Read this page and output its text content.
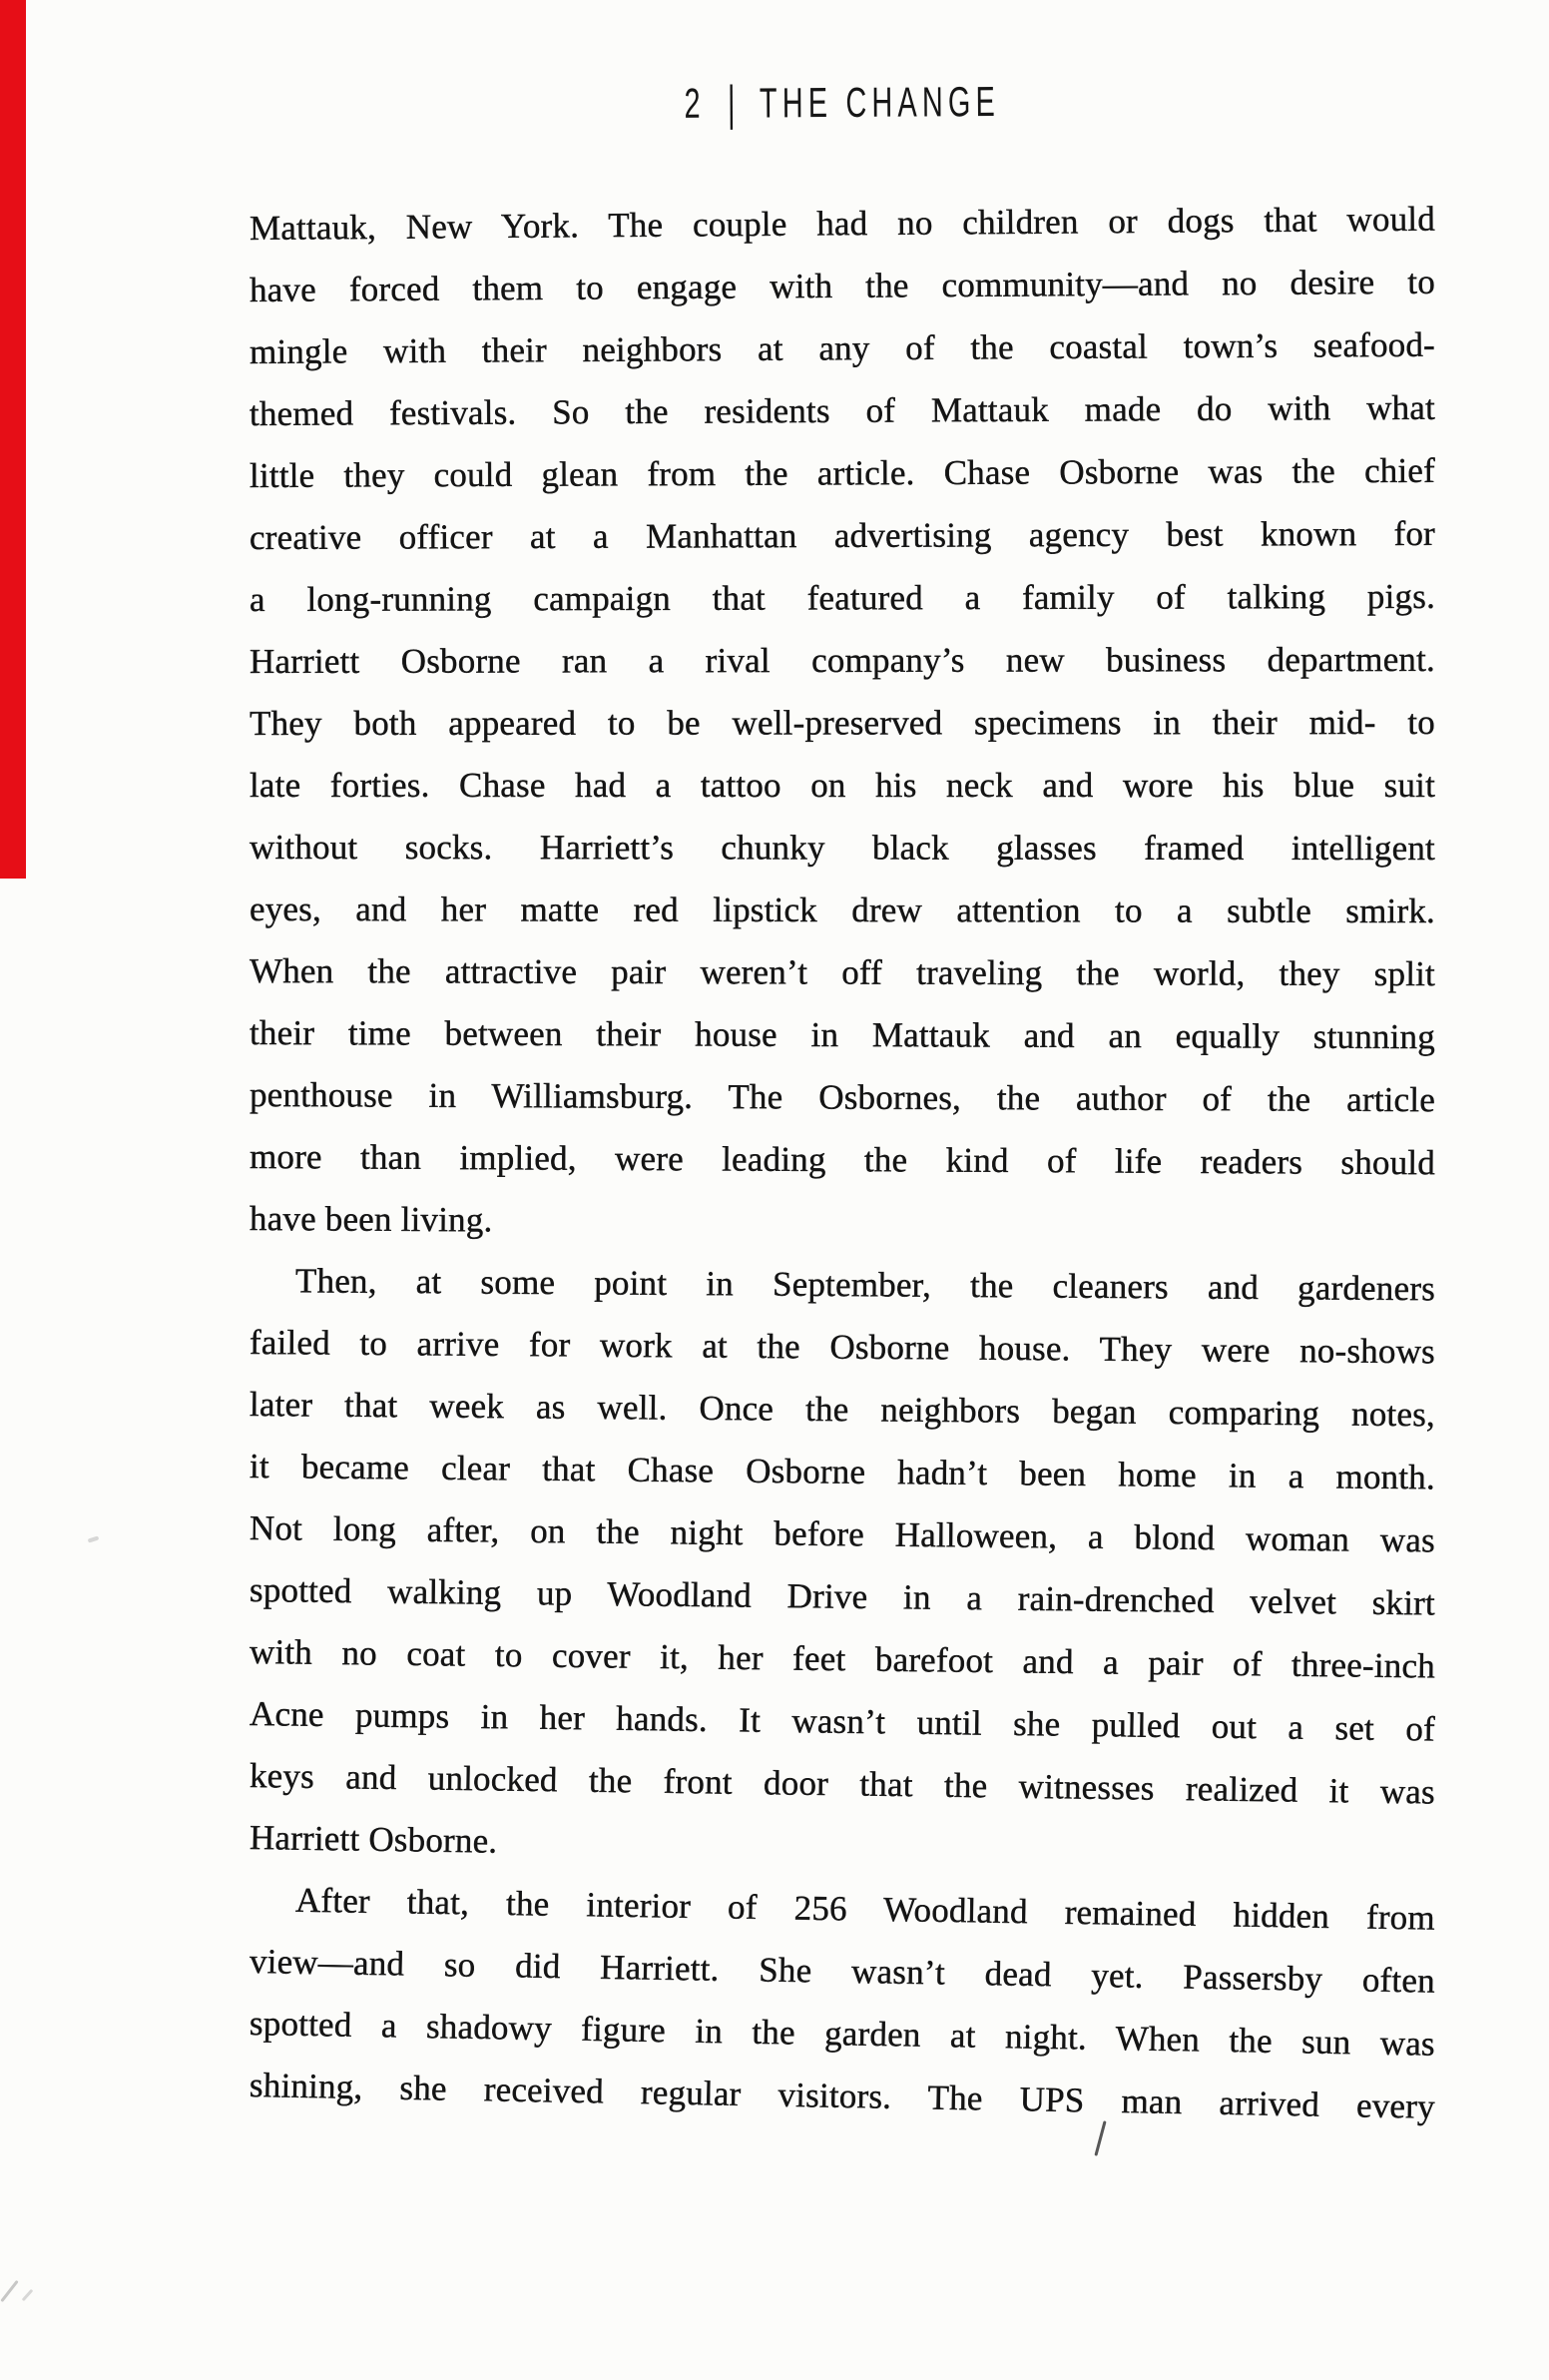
2 | THE CHANGE
Mattauk, New York. The couple had no children or dogs that would
have forced them to engage with the community—and no desire to
mingle with their neighbors at any of the coastal town’s seafood-
themed festivals. So the residents of Mattauk made do with what
little they could glean from the article. Chase Osborne was the chief
creative officer at a Manhattan advertising agency best known for
a long-running campaign that featured a family of talking pigs.
Harriett Osborne ran a rival company’s new business department.
They both appeared to be well-preserved specimens in their mid- to
late forties. Chase had a tattoo on his neck and wore his blue suit
without socks. Harriett’s chunky black glasses framed intelligent
eyes, and her matte red lipstick drew attention to a subtle smirk.
When the attractive pair weren’t off traveling the world, they split
their time between their house in Mattauk and an equally stunning
penthouse in Williamsburg. The Osbornes, the author of the article
more than implied, were leading the kind of life readers should
have been living.
Then, at some point in September, the cleaners and gardeners
failed to arrive for work at the Osborne house. They were no-shows
later that week as well. Once the neighbors began comparing notes,
it became clear that Chase Osborne hadn’t been home in a month.
Not long after, on the night before Halloween, a blond woman was
spotted walking up Woodland Drive in a rain-drenched velvet skirt
with no coat to cover it, her feet barefoot and a pair of three-inch
Acne pumps in her hands. It wasn’t until she pulled out a set of
keys and unlocked the front door that the witnesses realized it was
Harriett Osborne.
After that, the interior of 256 Woodland remained hidden from
view—and so did Harriett. She wasn’t dead yet. Passersby often
spotted a shadowy figure in the garden at night. When the sun was
shining, she received regular visitors. The UPS man arrived every
